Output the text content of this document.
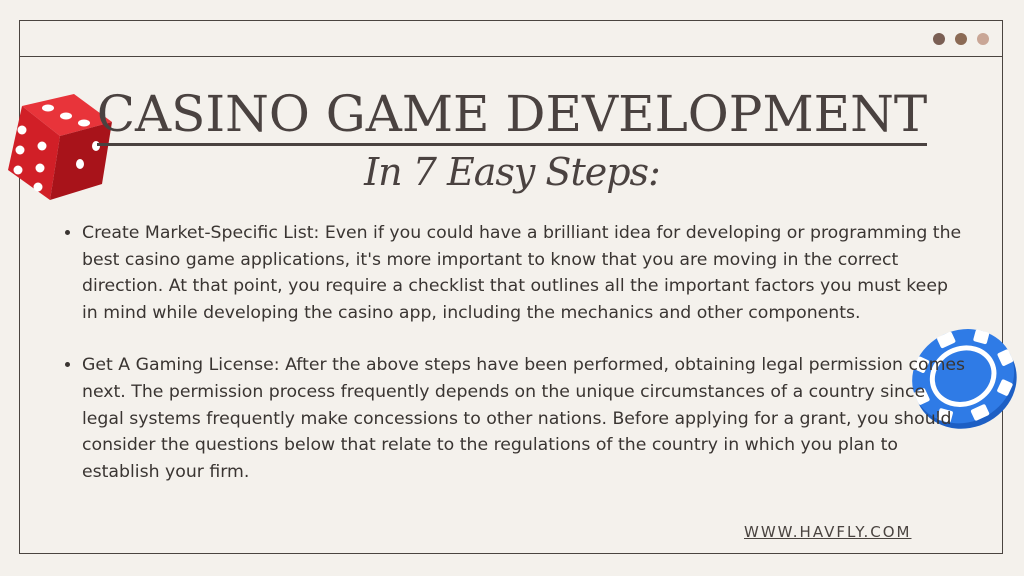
CASINO GAME DEVELOPMENT
In 7 Easy Steps:
• Create Market-Specific List: Even if you could have a brilliant idea for developing or programming the best casino game applications, it's more important to know that you are moving in the correct direction. At that point, you require a checklist that outlines all the important factors you must keep in mind while developing the casino app, including the mechanics and other components.
• Get A Gaming License: After the above steps have been performed, obtaining legal permission comes next. The permission process frequently depends on the unique circumstances of a country since legal systems frequently make concessions to other nations. Before applying for a grant, you should consider the questions below that relate to the regulations of the country in which you plan to establish your firm.
WWW.HAVFLY.COM
